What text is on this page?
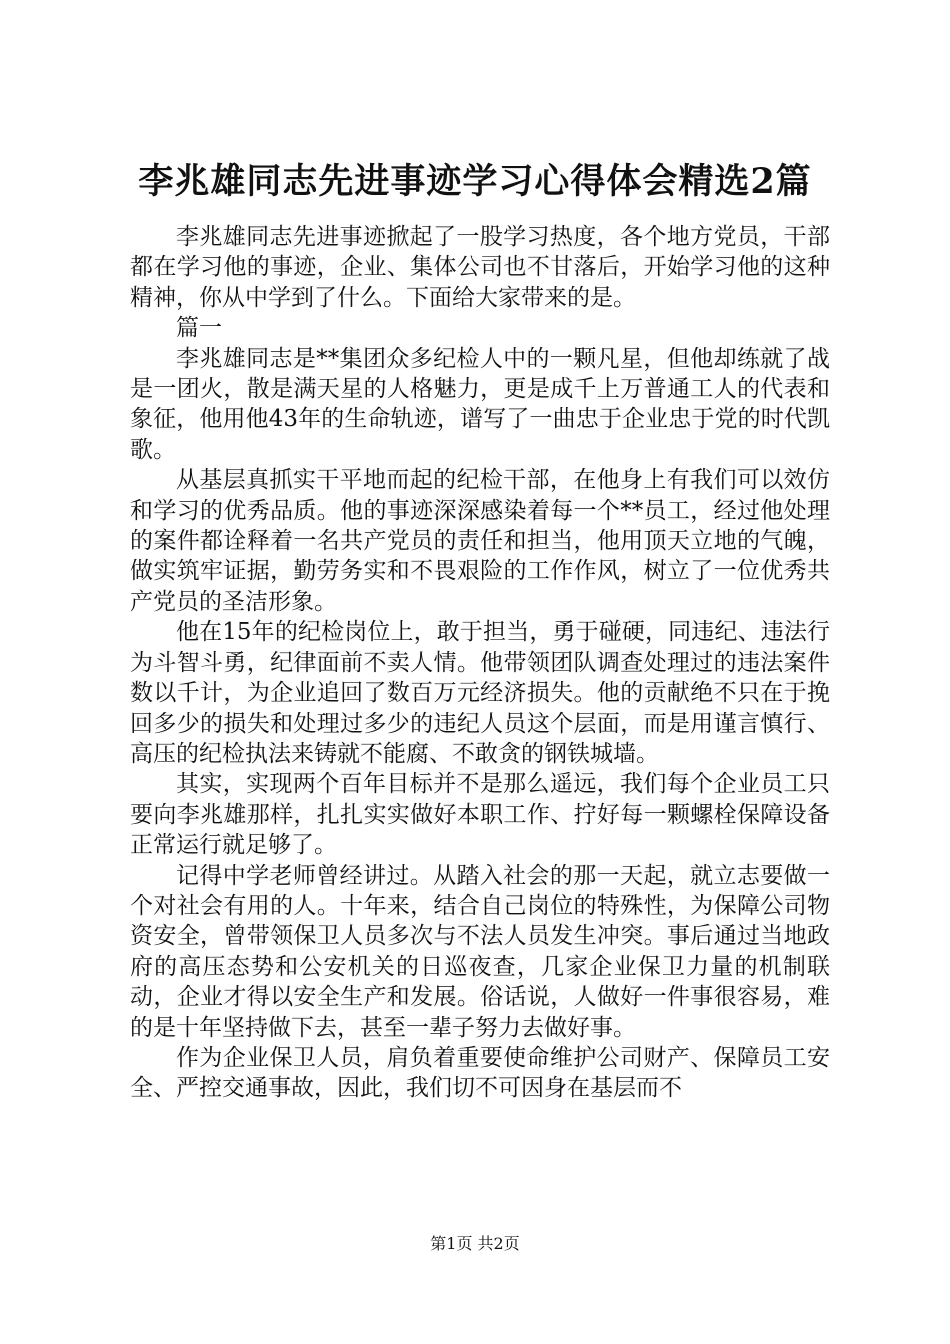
李兆雄同志先进事迹学习心得体会精选2篇

李兆雄同志先进事迹掀起了一股学习热度，各个地方党员，干部都在学习他的事迹，企业、集体公司也不甘落后，开始学习他的这种精神，你从中学到了什么。下面给大家带来的是。

篇一

李兆雄同志是**集团众多纪检人中的一颗凡星，但他却练就了战是一团火，散是满天星的人格魅力，更是成千上万普通工人的代表和象征，他用他43年的生命轨迹，谱写了一曲忠于企业忠于党的时代凯歌。

从基层真抓实干平地而起的纪检干部，在他身上有我们可以效仿和学习的优秀品质。他的事迹深深感染着每一个**员工，经过他处理的案件都诠释着一名共产党员的责任和担当，他用顶天立地的气魄，做实筑牢证据，勤劳务实和不畏艰险的工作作风，树立了一位优秀共产党员的圣洁形象。

他在15年的纪检岗位上，敢于担当，勇于碰硬，同违纪、违法行为斗智斗勇，纪律面前不卖人情。他带领团队调查处理过的违法案件数以千计，为企业追回了数百万元经济损失。他的贡献绝不只在于挽回多少的损失和处理过多少的违纪人员这个层面，而是用谨言慎行、高压的纪检执法来铸就不能腐、不敢贪的钢铁城墙。

其实，实现两个百年目标并不是那么遥远，我们每个企业员工只要向李兆雄那样，扎扎实实做好本职工作、拧好每一颗螺栓保障设备正常运行就足够了。

记得中学老师曾经讲过。从踏入社会的那一天起，就立志要做一个对社会有用的人。十年来，结合自己岗位的特殊性，为保障公司物资安全，曾带领保卫人员多次与不法人员发生冲突。事后通过当地政府的高压态势和公安机关的日巡夜查，几家企业保卫力量的机制联动，企业才得以安全生产和发展。俗话说，人做好一件事很容易，难的是十年坚持做下去，甚至一辈子努力去做好事。

作为企业保卫人员，肩负着重要使命维护公司财产、保障员工安全、严控交通事故，因此，我们切不可因身在基层而不

第1页 共2页
